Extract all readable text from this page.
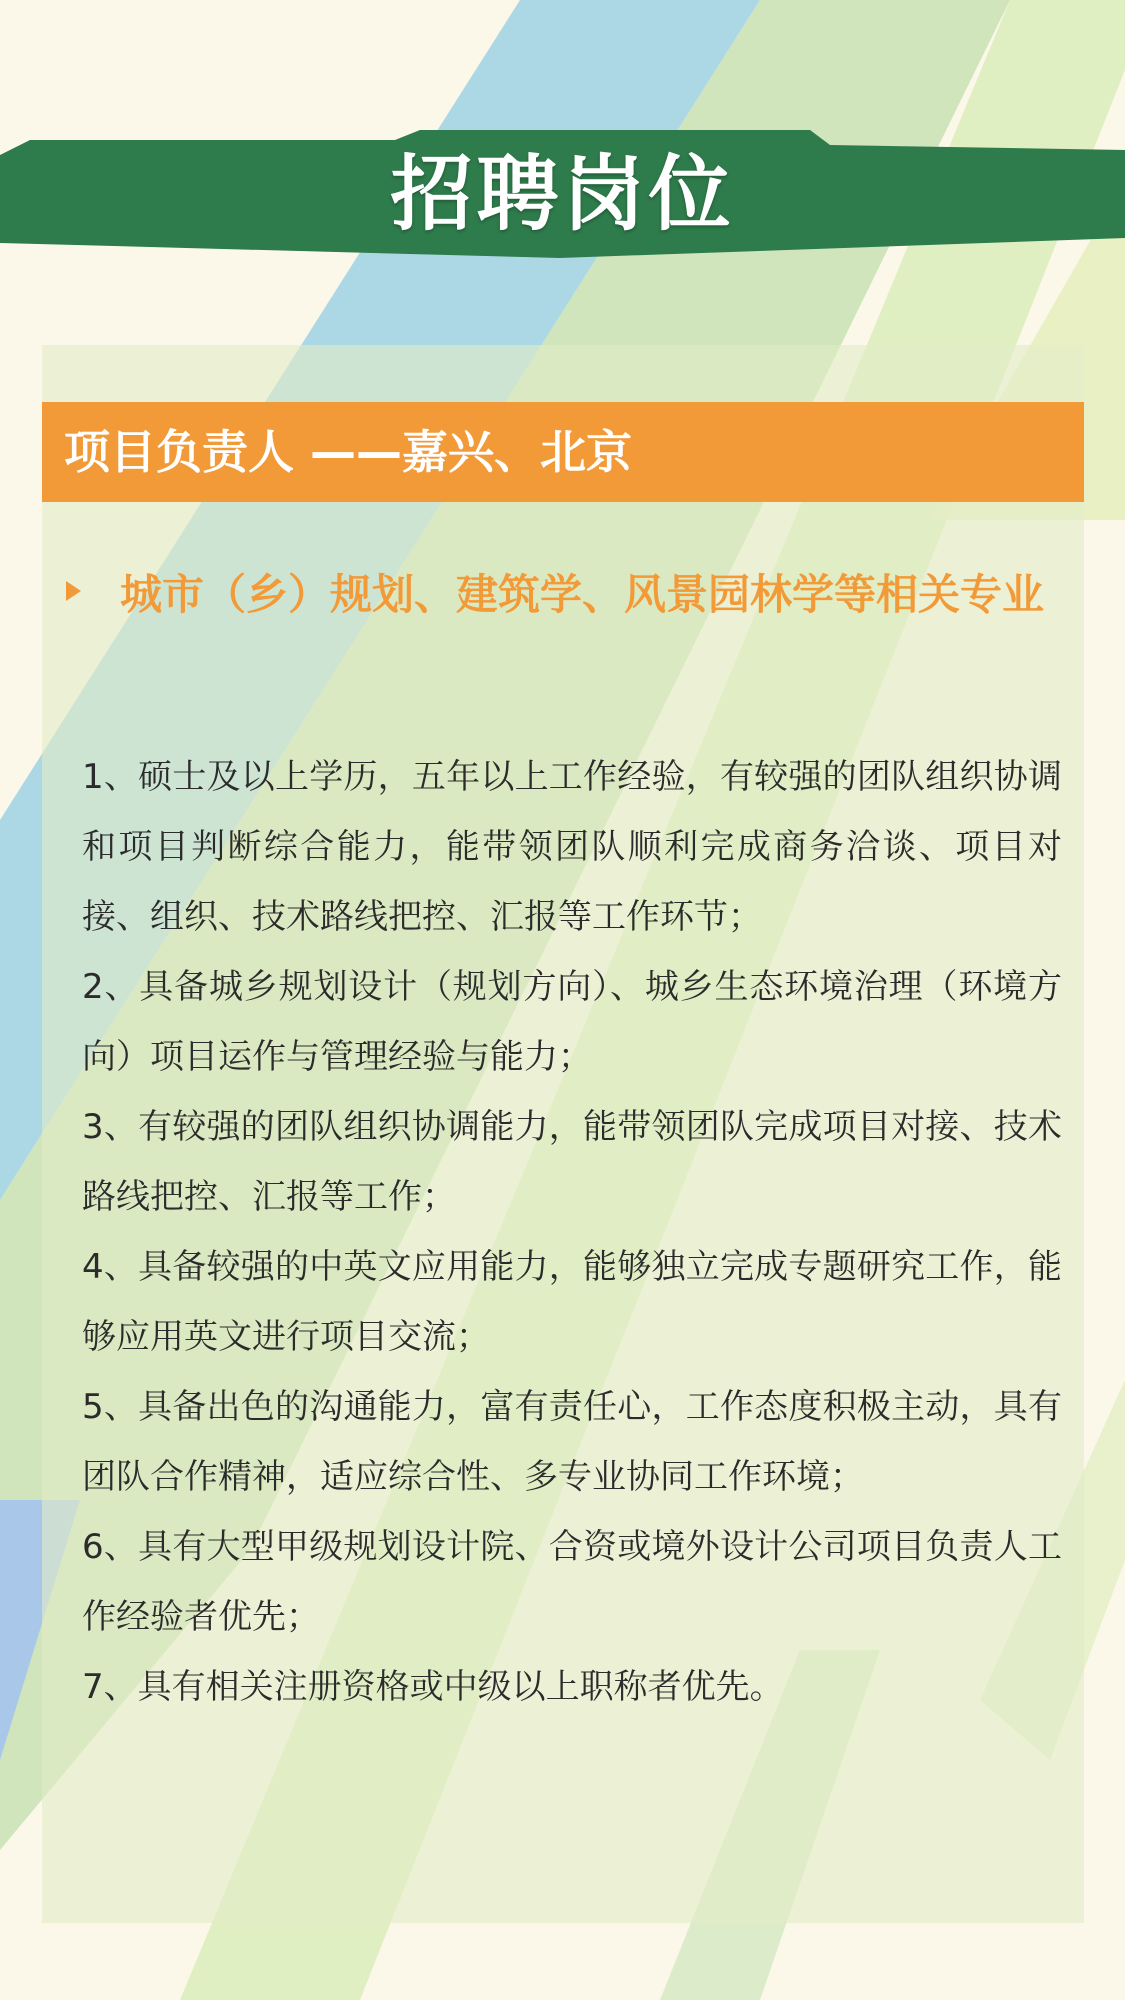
招聘岗位
项目负责人 ——嘉兴、北京
城市（乡）规划、建筑学、风景园林学等相关专业
1、硕士及以上学历，五年以上工作经验，有较强的团队组织协调和项目判断综合能力，能带领团队顺利完成商务洽谈、项目对接、组织、技术路线把控、汇报等工作环节；
2、具备城乡规划设计（规划方向）、城乡生态环境治理（环境方向）项目运作与管理经验与能力；
3、有较强的团队组织协调能力，能带领团队完成项目对接、技术路线把控、汇报等工作；
4、具备较强的中英文应用能力，能够独立完成专题研究工作，能够应用英文进行项目交流；
5、具备出色的沟通能力，富有责任心，工作态度积极主动，具有团队合作精神，适应综合性、多专业协同工作环境；
6、具有大型甲级规划设计院、合资或境外设计公司项目负责人工作经验者优先；
7、具有相关注册资格或中级以上职称者优先。
